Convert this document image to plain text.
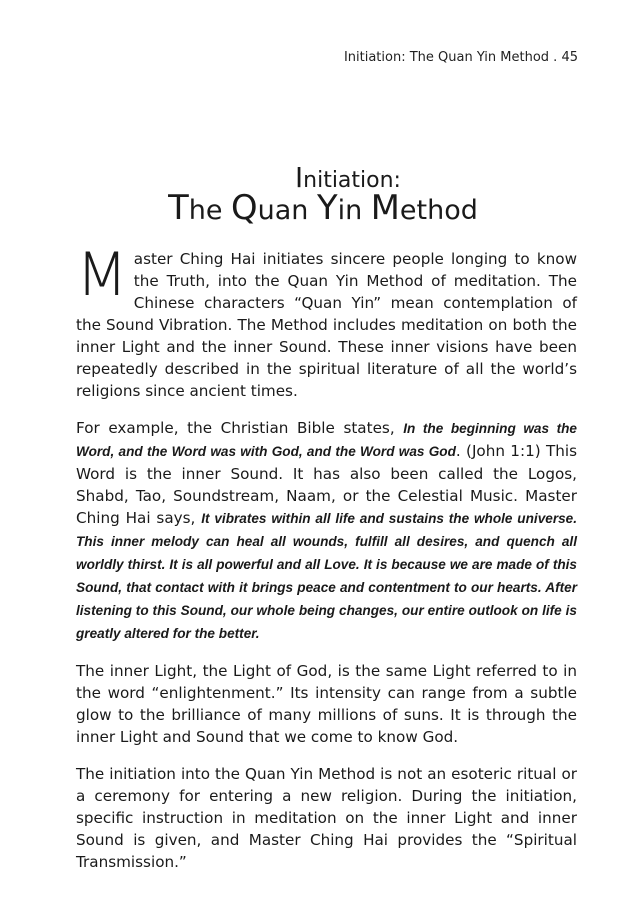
Initiation: The Quan Yin Method . 45
Initiation:
The Quan Yin Method

Master Ching Hai initiates sincere people longing to know the Truth, into the Quan Yin Method of meditation. The Chinese characters “Quan Yin” mean contemplation of the Sound Vibration. The Method includes meditation on both the inner Light and the inner Sound. These inner visions have been repeatedly described in the spiritual literature of all the world’s religions since ancient times.

For example, the Christian Bible states, In the beginning was the Word, and the Word was with God, and the Word was God. (John 1:1) This Word is the inner Sound. It has also been called the Logos, Shabd, Tao, Soundstream, Naam, or the Celestial Music. Master Ching Hai says, It vibrates within all life and sustains the whole universe. This inner melody can heal all wounds, fulfill all desires, and quench all worldly thirst. It is all powerful and all Love. It is because we are made of this Sound, that contact with it brings peace and contentment to our hearts. After listening to this Sound, our whole being changes, our entire outlook on life is greatly altered for the better.

The inner Light, the Light of God, is the same Light referred to in the word “enlightenment.” Its intensity can range from a subtle glow to the brilliance of many millions of suns. It is through the inner Light and Sound that we come to know God.

The initiation into the Quan Yin Method is not an esoteric ritual or a ceremony for entering a new religion. During the initiation, specific instruction in meditation on the inner Light and inner Sound is given, and Master Ching Hai provides the “Spiritual Transmission.”
